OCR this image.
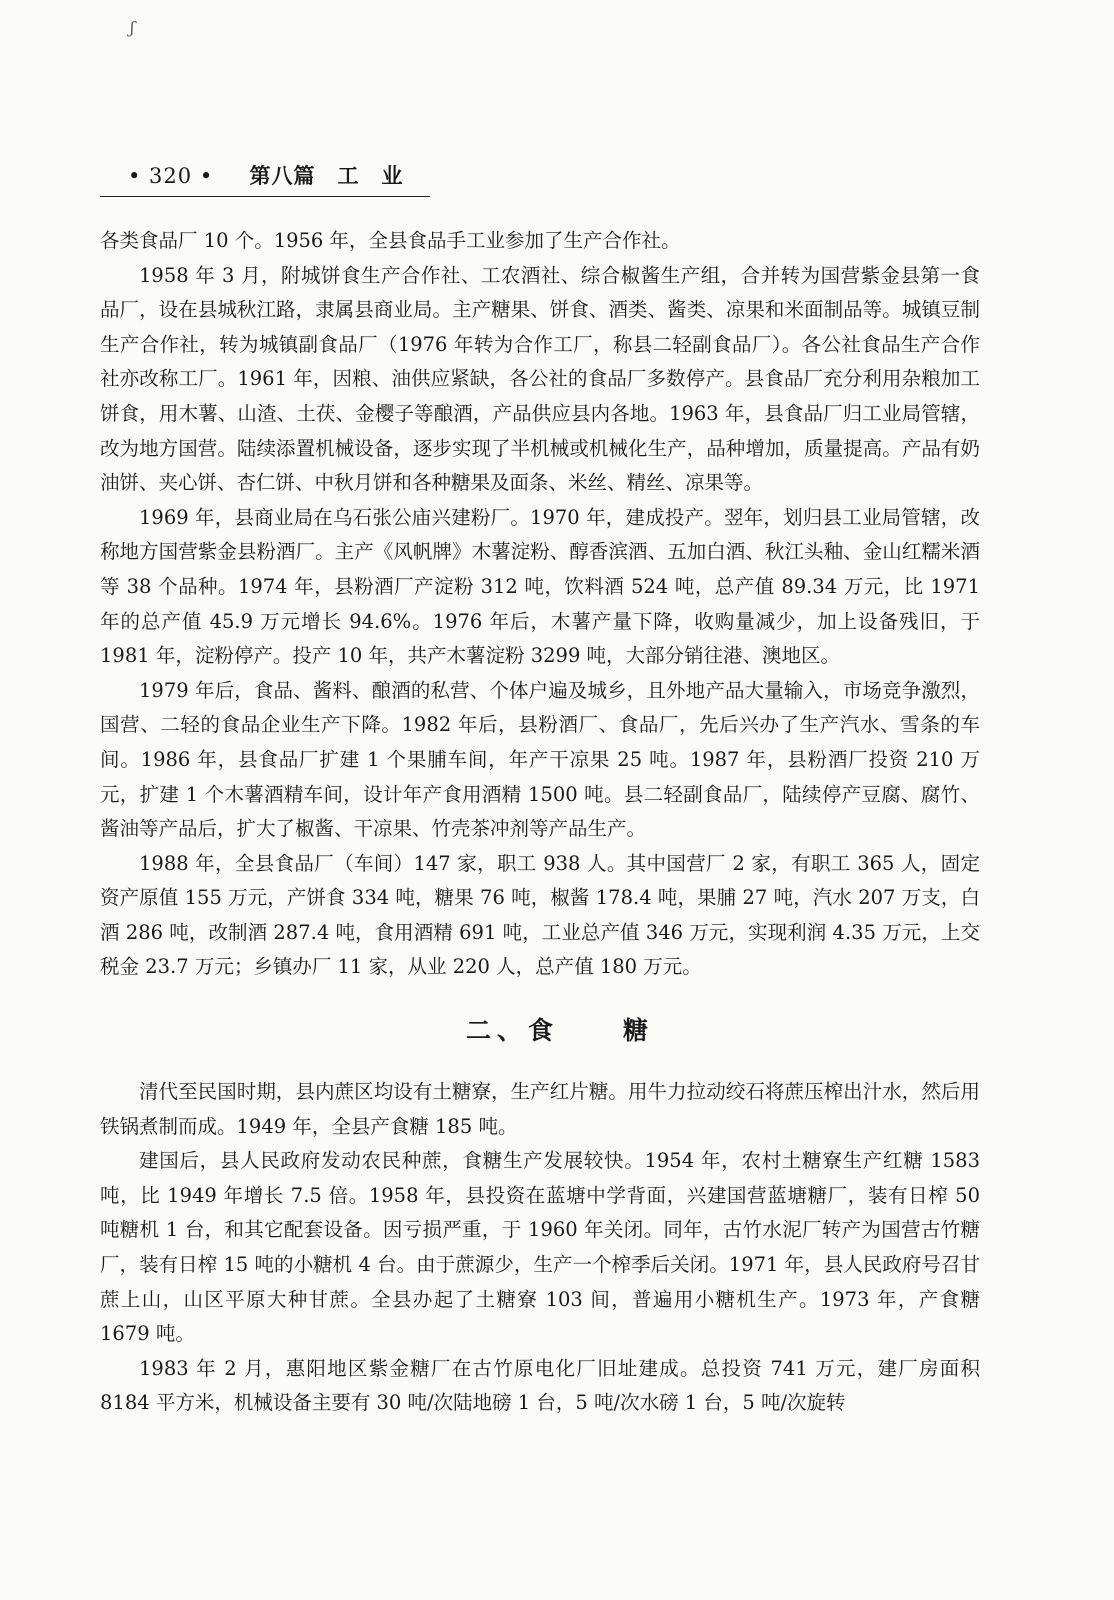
ʃ
• 320 • 第八篇　工　业

各类食品厂 10 个。1956 年，全县食品手工业参加了生产合作社。

1958 年 3 月，附城饼食生产合作社、工农酒社、综合椒酱生产组，合并转为国营紫金县第一食品厂，设在县城秋江路，隶属县商业局。主产糖果、饼食、酒类、酱类、凉果和米面制品等。城镇豆制生产合作社，转为城镇副食品厂（1976 年转为合作工厂，称县二轻副食品厂）。各公社食品生产合作社亦改称工厂。1961 年，因粮、油供应紧缺，各公社的食品厂多数停产。县食品厂充分利用杂粮加工饼食，用木薯、山渣、土茯、金樱子等酿酒，产品供应县内各地。1963 年，县食品厂归工业局管辖，改为地方国营。陆续添置机械设备，逐步实现了半机械或机械化生产，品种增加，质量提高。产品有奶油饼、夹心饼、杏仁饼、中秋月饼和各种糖果及面条、米丝、精丝、凉果等。

1969 年，县商业局在乌石张公庙兴建粉厂。1970 年，建成投产。翌年，划归县工业局管辖，改称地方国营紫金县粉酒厂。主产《风帆牌》木薯淀粉、醇香滨酒、五加白酒、秋江头釉、金山红糯米酒等 38 个品种。1974 年，县粉酒厂产淀粉 312 吨，饮料酒 524 吨，总产值 89.34 万元，比 1971 年的总产值 45.9 万元增长 94.6%。1976 年后，木薯产量下降，收购量减少，加上设备残旧，于 1981 年，淀粉停产。投产 10 年，共产木薯淀粉 3299 吨，大部分销往港、澳地区。

1979 年后，食品、酱料、酿酒的私营、个体户遍及城乡，且外地产品大量输入，市场竞争激烈，国营、二轻的食品企业生产下降。1982 年后，县粉酒厂、食品厂，先后兴办了生产汽水、雪条的车间。1986 年，县食品厂扩建 1 个果脯车间，年产干凉果 25 吨。1987 年，县粉酒厂投资 210 万元，扩建 1 个木薯酒精车间，设计年产食用酒精 1500 吨。县二轻副食品厂，陆续停产豆腐、腐竹、酱油等产品后，扩大了椒酱、干凉果、竹壳茶冲剂等产品生产。

1988 年，全县食品厂（车间）147 家，职工 938 人。其中国营厂 2 家，有职工 365 人，固定资产原值 155 万元，产饼食 334 吨，糖果 76 吨，椒酱 178.4 吨，果脯 27 吨，汽水 207 万支，白酒 286 吨，改制酒 287.4 吨，食用酒精 691 吨，工业总产值 346 万元，实现利润 4.35 万元，上交税金 23.7 万元；乡镇办厂 11 家，从业 220 人，总产值 180 万元。

二、食	糖

清代至民国时期，县内蔗区均设有土糖寮，生产红片糖。用牛力拉动绞石将蔗压榨出汁水，然后用铁锅煮制而成。1949 年，全县产食糖 185 吨。

建国后，县人民政府发动农民种蔗，食糖生产发展较快。1954 年，农村土糖寮生产红糖 1583 吨，比 1949 年增长 7.5 倍。1958 年，县投资在蓝塘中学背面，兴建国营蓝塘糖厂，装有日榨 50 吨糖机 1 台，和其它配套设备。因亏损严重，于 1960 年关闭。同年，古竹水泥厂转产为国营古竹糖厂，装有日榨 15 吨的小糖机 4 台。由于蔗源少，生产一个榨季后关闭。1971 年，县人民政府号召甘蔗上山，山区平原大种甘蔗。全县办起了土糖寮 103 间，普遍用小糖机生产。1973 年，产食糖 1679 吨。

1983 年 2 月，惠阳地区紫金糖厂在古竹原电化厂旧址建成。总投资 741 万元，建厂房面积 8184 平方米，机械设备主要有 30 吨/次陆地磅 1 台，5 吨/次水磅 1 台，5 吨/次旋转
